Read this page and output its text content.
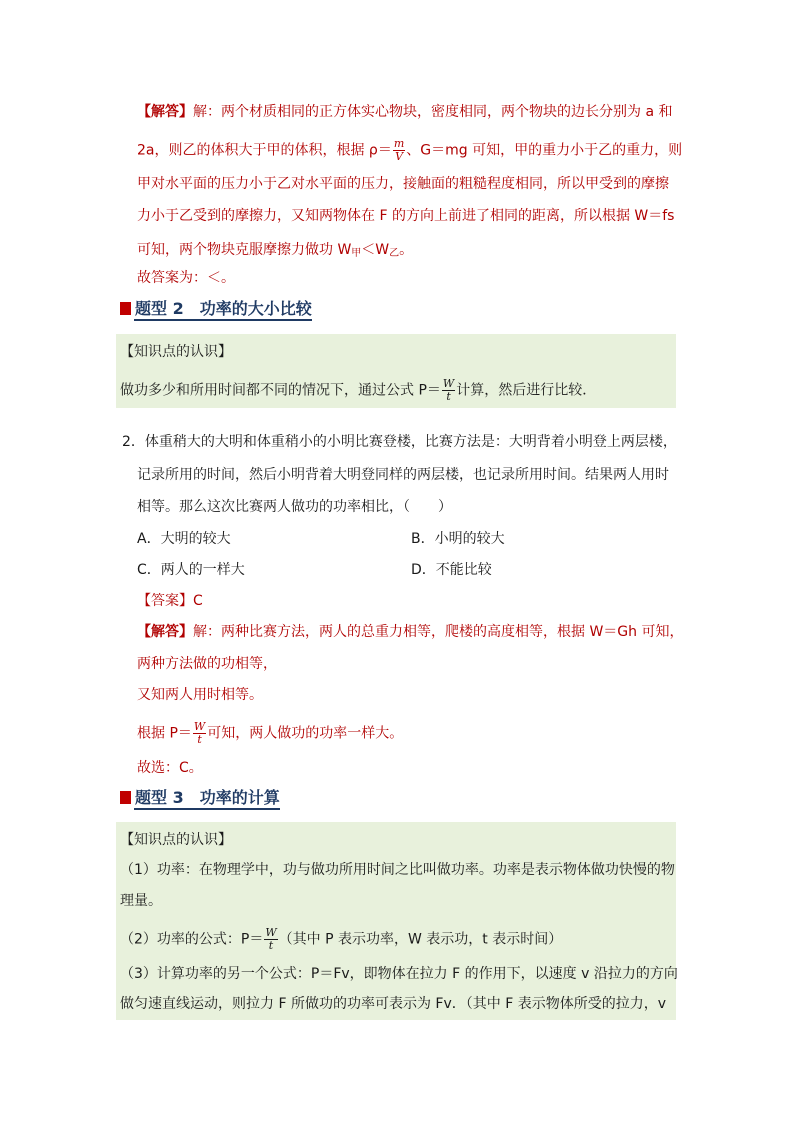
【解答】解：两个材质相同的正方体实心物块，密度相同，两个物块的边长分别为 a 和
2a，则乙的体积大于甲的体积，根据 $\rho= \frac{m}{V}$ 、G＝mg 可知，甲的重力小于乙的重力，则
甲对水平面的压力小于乙对水平面的压力，接触面的粗糙程度相同，所以甲受到的摩擦
力小于乙受到的摩擦力，又知两物体在 F 的方向上前进了相同的距离，所以根据 W＝fs
可知，两个物块克服摩擦力做功 $W_甲<W_乙$。
故答案为：＜。
题型 2　功率的大小比较
【知识点的认识】
做功多少和所用时间都不同的情况下，通过公式 $P= \frac{W}{t}$ 计算，然后进行比较．
2．体重稍大的大明和体重稍小的小明比赛登楼，比赛方法是：大明背着小明登上两层楼，
记录所用的时间，然后小明背着大明登同样的两层楼，也记录所用时间。结果两人用时
相等。那么这次比赛两人做功的功率相比，（　　）
A．大明的较大	B．小明的较大
C．两人的一样大	D．不能比较
【答案】C
【解答】解：两种比赛方法，两人的总重力相等，爬楼的高度相等，根据 W＝Gh 可知，
两种方法做的功相等，
又知两人用时相等。
根据 $P= \frac{W}{t}$ 可知，两人做功的功率一样大。
故选：C。
题型 3　功率的计算
【知识点的认识】
（1）功率：在物理学中，功与做功所用时间之比叫做功率。功率是表示物体做功快慢的物
理量。
（2）功率的公式：$P= \frac{W}{t}$ （其中 P 表示功率，W 表示功，t 表示时间）
（3）计算功率的另一个公式：P＝Fv，即物体在拉力 F 的作用下，以速度 v 沿拉力的方向
做匀速直线运动，则拉力 F 所做功的功率可表示为 Fv．（其中 F 表示物体所受的拉力，v
